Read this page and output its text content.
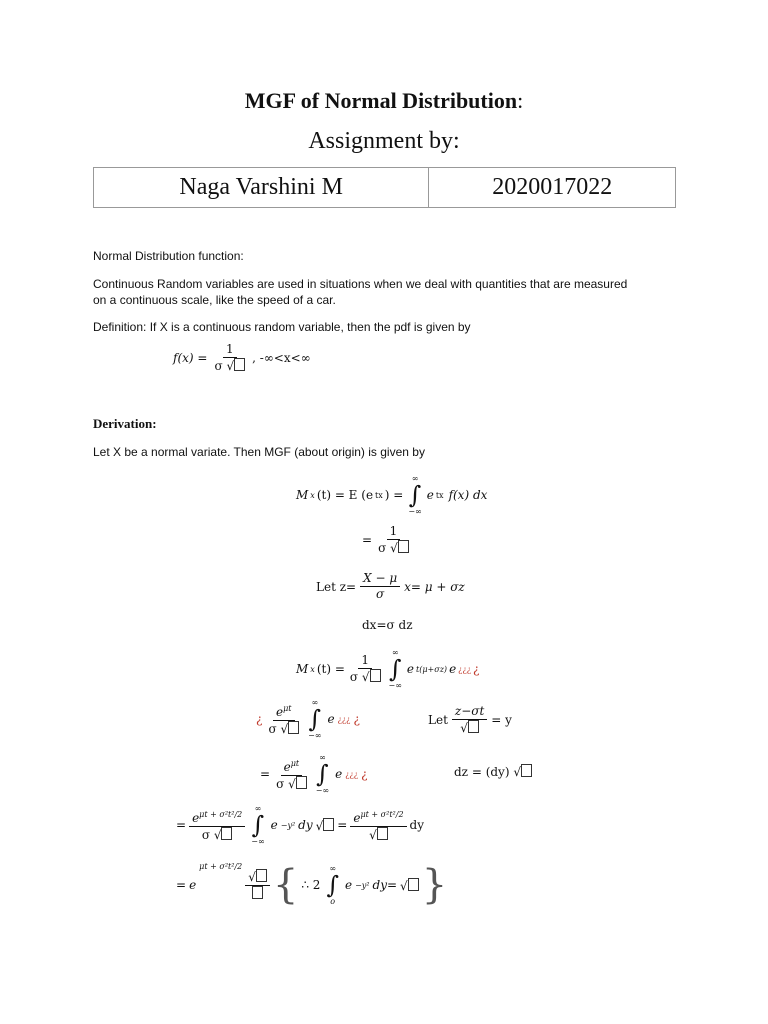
MGF of Normal Distribution:
Assignment by:
Naga Varshini M	2020017022
Normal Distribution function:
Continuous Random variables are used in situations when we deal with quantities that are measured
on a continuous scale, like the speed of a car.
Definition: If X is a continuous random variable, then the pdf is given by
$f(x) = \frac{1}{\sigma √}$ , -∞<x<∞
Derivation:
Let X be a normal variate. Then MGF (about origin) is given by
M x (t) = E (e tx ) =
∞
∫
−∞
e tx f(x) dx
= $\frac{1}{\sigma √}$
Let $z= \frac{X - \mu}{\sigma} x= \mu + \sigma z$
dx=σ dz
M x $(t) = \frac{1}{\sigma √}$
∞
∫
−∞
e t(μ+σz) e ¿¿¿ ¿
¿ $\frac{e^{\mu t}}{\sigma √}$ ∞
∫
−∞
e ¿¿¿ ¿	Let $\frac{z-\sigma t}{√} = y$
= $\frac{e^{\mu t}}{\sigma √}$ ∞
∫
−∞
e ¿¿¿ ¿	dz = (dy) √
= $\frac{e^{\mu t + \sigma^2t^2/2}}{\sigma √}$ ∞
∫
−∞
e −y² dy √	= $\frac{e^{\mu t + \sigma^2t^2/2}}{√}$ dy
= e
μt + σ²t²/2
√ { ∴ 2
∞
∫
o
e −y² dy= √ }
